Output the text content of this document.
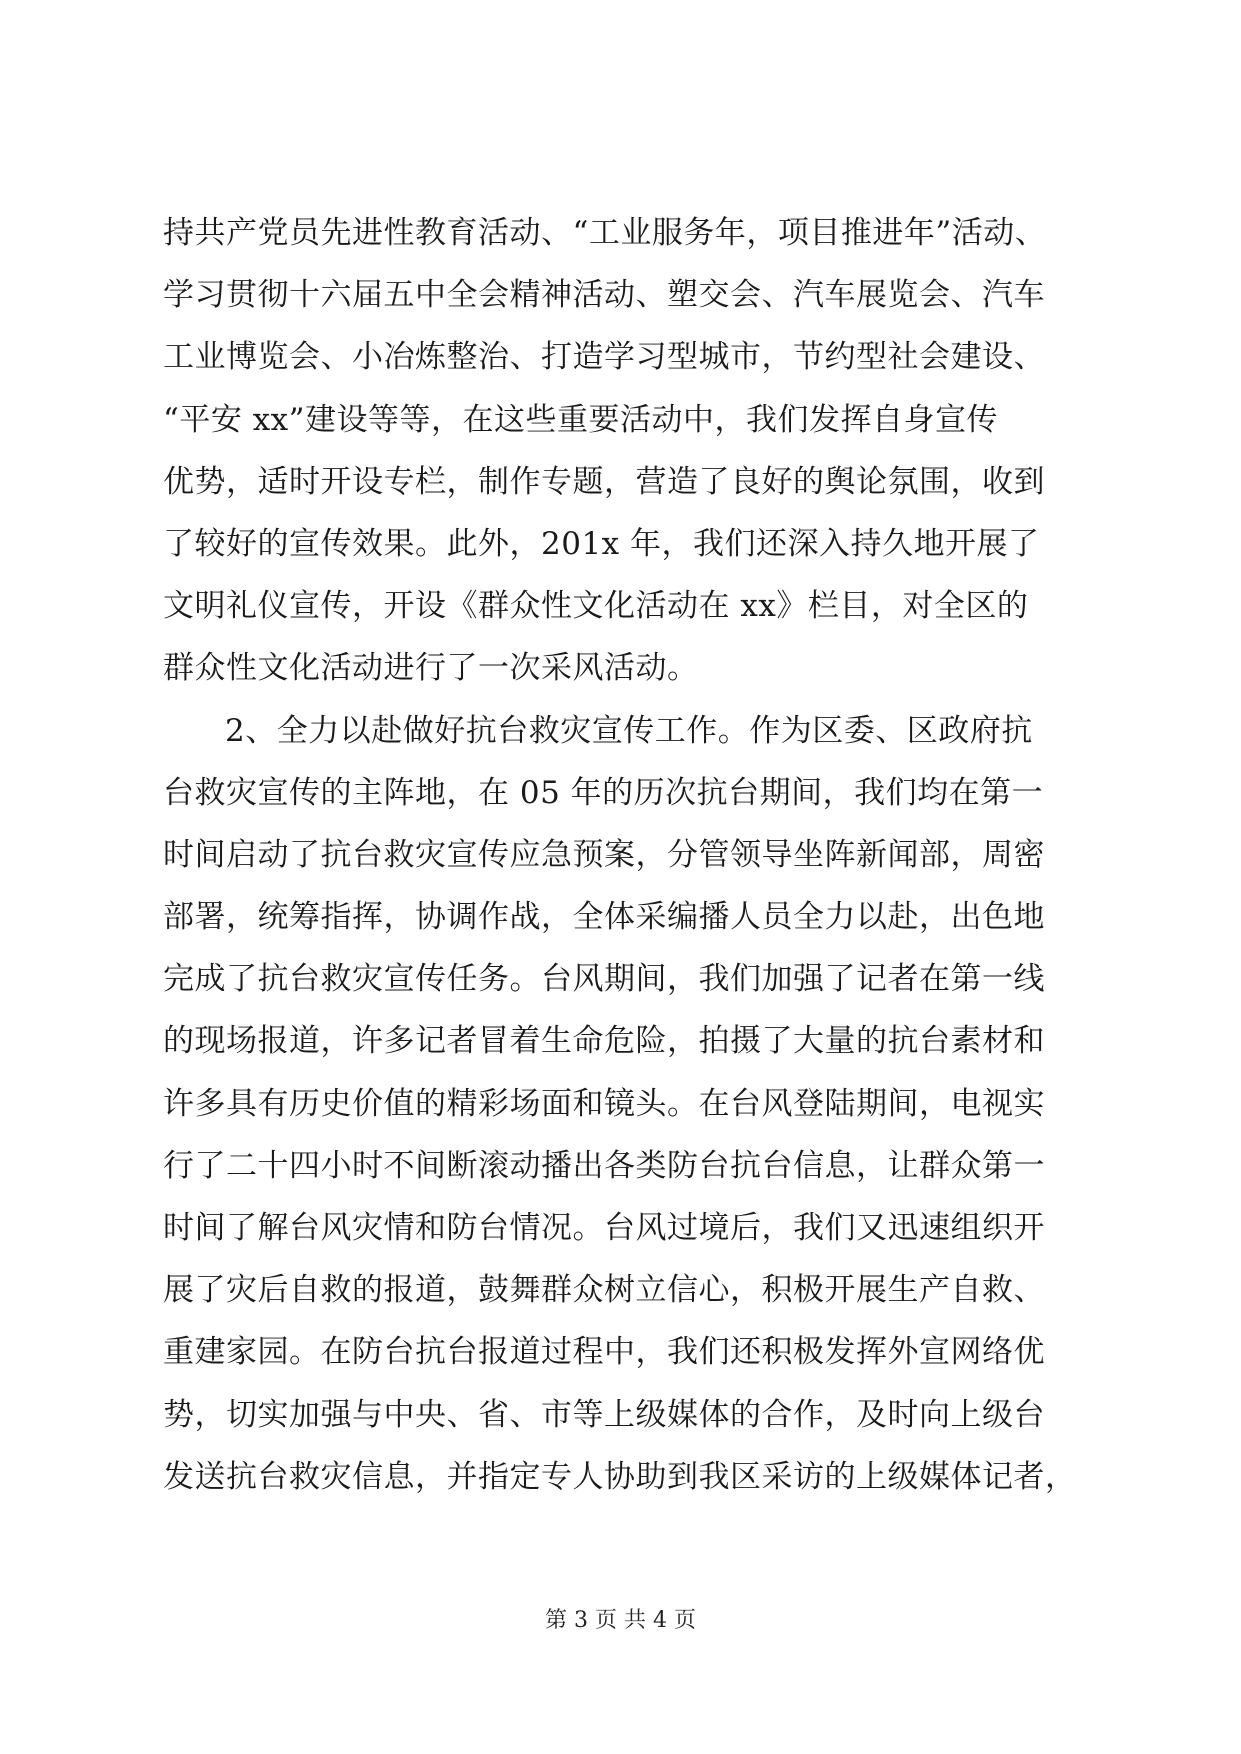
持共产党员先进性教育活动、“工业服务年，项目推进年”活动、
学习贯彻十六届五中全会精神活动、塑交会、汽车展览会、汽车
工业博览会、小冶炼整治、打造学习型城市，节约型社会建设、
“平安 xx”建设等等，在这些重要活动中，我们发挥自身宣传
优势，适时开设专栏，制作专题，营造了良好的舆论氛围，收到
了较好的宣传效果。此外，201x 年，我们还深入持久地开展了
文明礼仪宣传，开设《群众性文化活动在 xx》栏目，对全区的
群众性文化活动进行了一次采风活动。
2、全力以赴做好抗台救灾宣传工作。作为区委、区政府抗
台救灾宣传的主阵地，在 05 年的历次抗台期间，我们均在第一
时间启动了抗台救灾宣传应急预案，分管领导坐阵新闻部，周密
部署，统筹指挥，协调作战，全体采编播人员全力以赴，出色地
完成了抗台救灾宣传任务。台风期间，我们加强了记者在第一线
的现场报道，许多记者冒着生命危险，拍摄了大量的抗台素材和
许多具有历史价值的精彩场面和镜头。在台风登陆期间，电视实
行了二十四小时不间断滚动播出各类防台抗台信息，让群众第一
时间了解台风灾情和防台情况。台风过境后，我们又迅速组织开
展了灾后自救的报道，鼓舞群众树立信心，积极开展生产自救、
重建家园。在防台抗台报道过程中，我们还积极发挥外宣网络优
势，切实加强与中央、省、市等上级媒体的合作，及时向上级台
发送抗台救灾信息，并指定专人协助到我区采访的上级媒体记者，
第 3 页 共 4 页
